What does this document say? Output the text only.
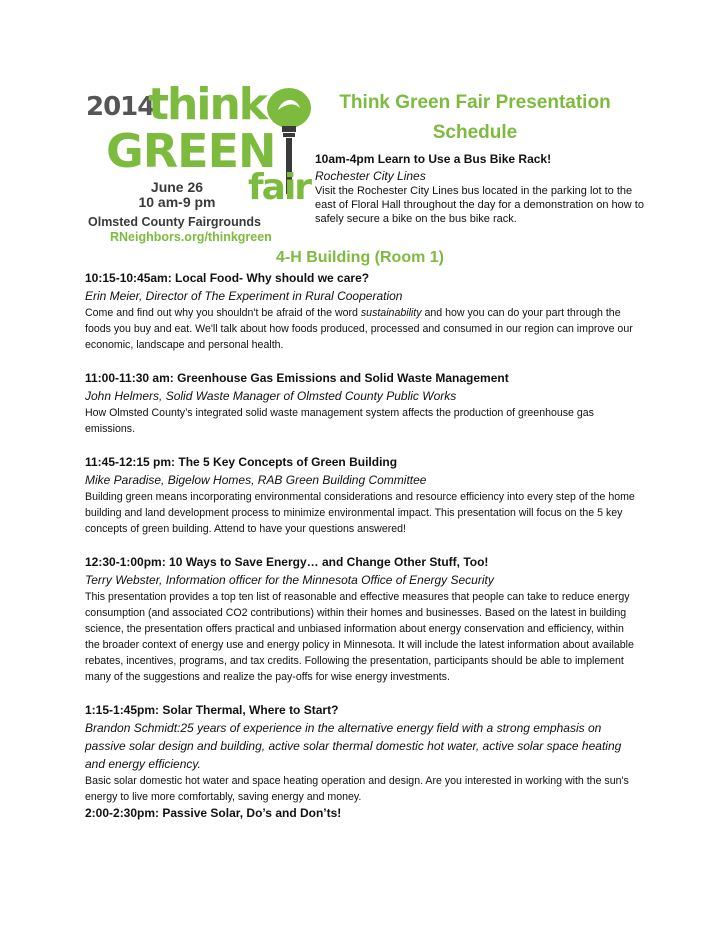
2014
think
GREEN
fair
June 26
10 am-9 pm
Olmsted County Fairgrounds
RNeighbors.org/thinkgreen
Think Green Fair Presentation Schedule
10am-4pm Learn to Use a Bus Bike Rack!
Rochester City Lines
Visit the Rochester City Lines bus located in the parking lot to the east of Floral Hall throughout the day for a demonstration on how to safely secure a bike on the bus bike rack.
4-H Building (Room 1)
10:15-10:45am: Local Food- Why should we care?
Erin Meier, Director of The Experiment in Rural Cooperation
Come and find out why you shouldn't be afraid of the word sustainability and how you can do your part through the foods you buy and eat. We'll talk about how foods produced, processed and consumed in our region can improve our economic, landscape and personal health.
11:00-11:30 am: Greenhouse Gas Emissions and Solid Waste Management
John Helmers, Solid Waste Manager of Olmsted County Public Works
How Olmsted County’s integrated solid waste management system affects the production of greenhouse gas emissions.
11:45-12:15 pm: The 5 Key Concepts of Green Building
Mike Paradise, Bigelow Homes, RAB Green Building Committee
Building green means incorporating environmental considerations and resource efficiency into every step of the home building and land development process to minimize environmental impact. This presentation will focus on the 5 key concepts of green building. Attend to have your questions answered!
12:30-1:00pm: 10 Ways to Save Energy… and Change Other Stuff, Too!
Terry Webster, Information officer for the Minnesota Office of Energy Security
This presentation provides a top ten list of reasonable and effective measures that people can take to reduce energy consumption (and associated CO2 contributions) within their homes and businesses. Based on the latest in building science, the presentation offers practical and unbiased information about energy conservation and efficiency, within the broader context of energy use and energy policy in Minnesota. It will include the latest information about available rebates, incentives, programs, and tax credits. Following the presentation, participants should be able to implement many of the suggestions and realize the pay-offs for wise energy investments.
1:15-1:45pm: Solar Thermal, Where to Start?
Brandon Schmidt:25 years of experience in the alternative energy field with a strong emphasis on passive solar design and building, active solar thermal domestic hot water, active solar space heating and energy efficiency.
Basic solar domestic hot water and space heating operation and design. Are you interested in working with the sun's energy to live more comfortably, saving energy and money.
2:00-2:30pm: Passive Solar, Do’s and Don’ts!
